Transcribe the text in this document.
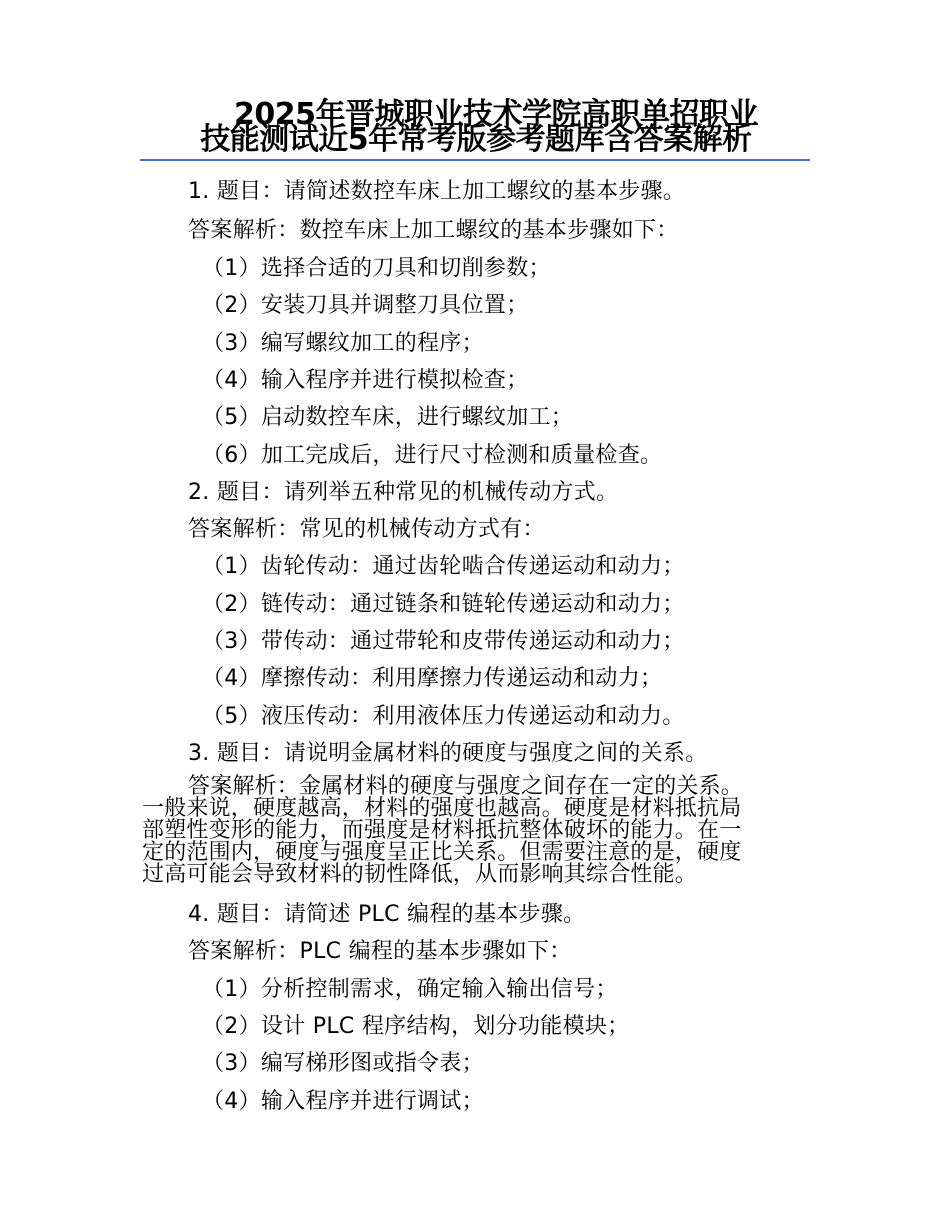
2025年晋城职业技术学院高职单招职业
技能测试近5年常考版参考题库含答案解析
1. 题目：请简述数控车床上加工螺纹的基本步骤。
答案解析：数控车床上加工螺纹的基本步骤如下：
（1）选择合适的刀具和切削参数；
（2）安装刀具并调整刀具位置；
（3）编写螺纹加工的程序；
（4）输入程序并进行模拟检查；
（5）启动数控车床，进行螺纹加工；
（6）加工完成后，进行尺寸检测和质量检查。
2. 题目：请列举五种常见的机械传动方式。
答案解析：常见的机械传动方式有：
（1）齿轮传动：通过齿轮啮合传递运动和动力；
（2）链传动：通过链条和链轮传递运动和动力；
（3）带传动：通过带轮和皮带传递运动和动力；
（4）摩擦传动：利用摩擦力传递运动和动力；
（5）液压传动：利用液体压力传递运动和动力。
3. 题目：请说明金属材料的硬度与强度之间的关系。
答案解析：金属材料的硬度与强度之间存在一定的关系。
一般来说，硬度越高，材料的强度也越高。硬度是材料抵抗局
部塑性变形的能力，而强度是材料抵抗整体破坏的能力。在一
定的范围内，硬度与强度呈正比关系。但需要注意的是，硬度
过高可能会导致材料的韧性降低，从而影响其综合性能。
4. 题目：请简述 PLC 编程的基本步骤。
答案解析：PLC 编程的基本步骤如下：
（1）分析控制需求，确定输入输出信号；
（2）设计 PLC 程序结构，划分功能模块；
（3）编写梯形图或指令表；
（4）输入程序并进行调试；
